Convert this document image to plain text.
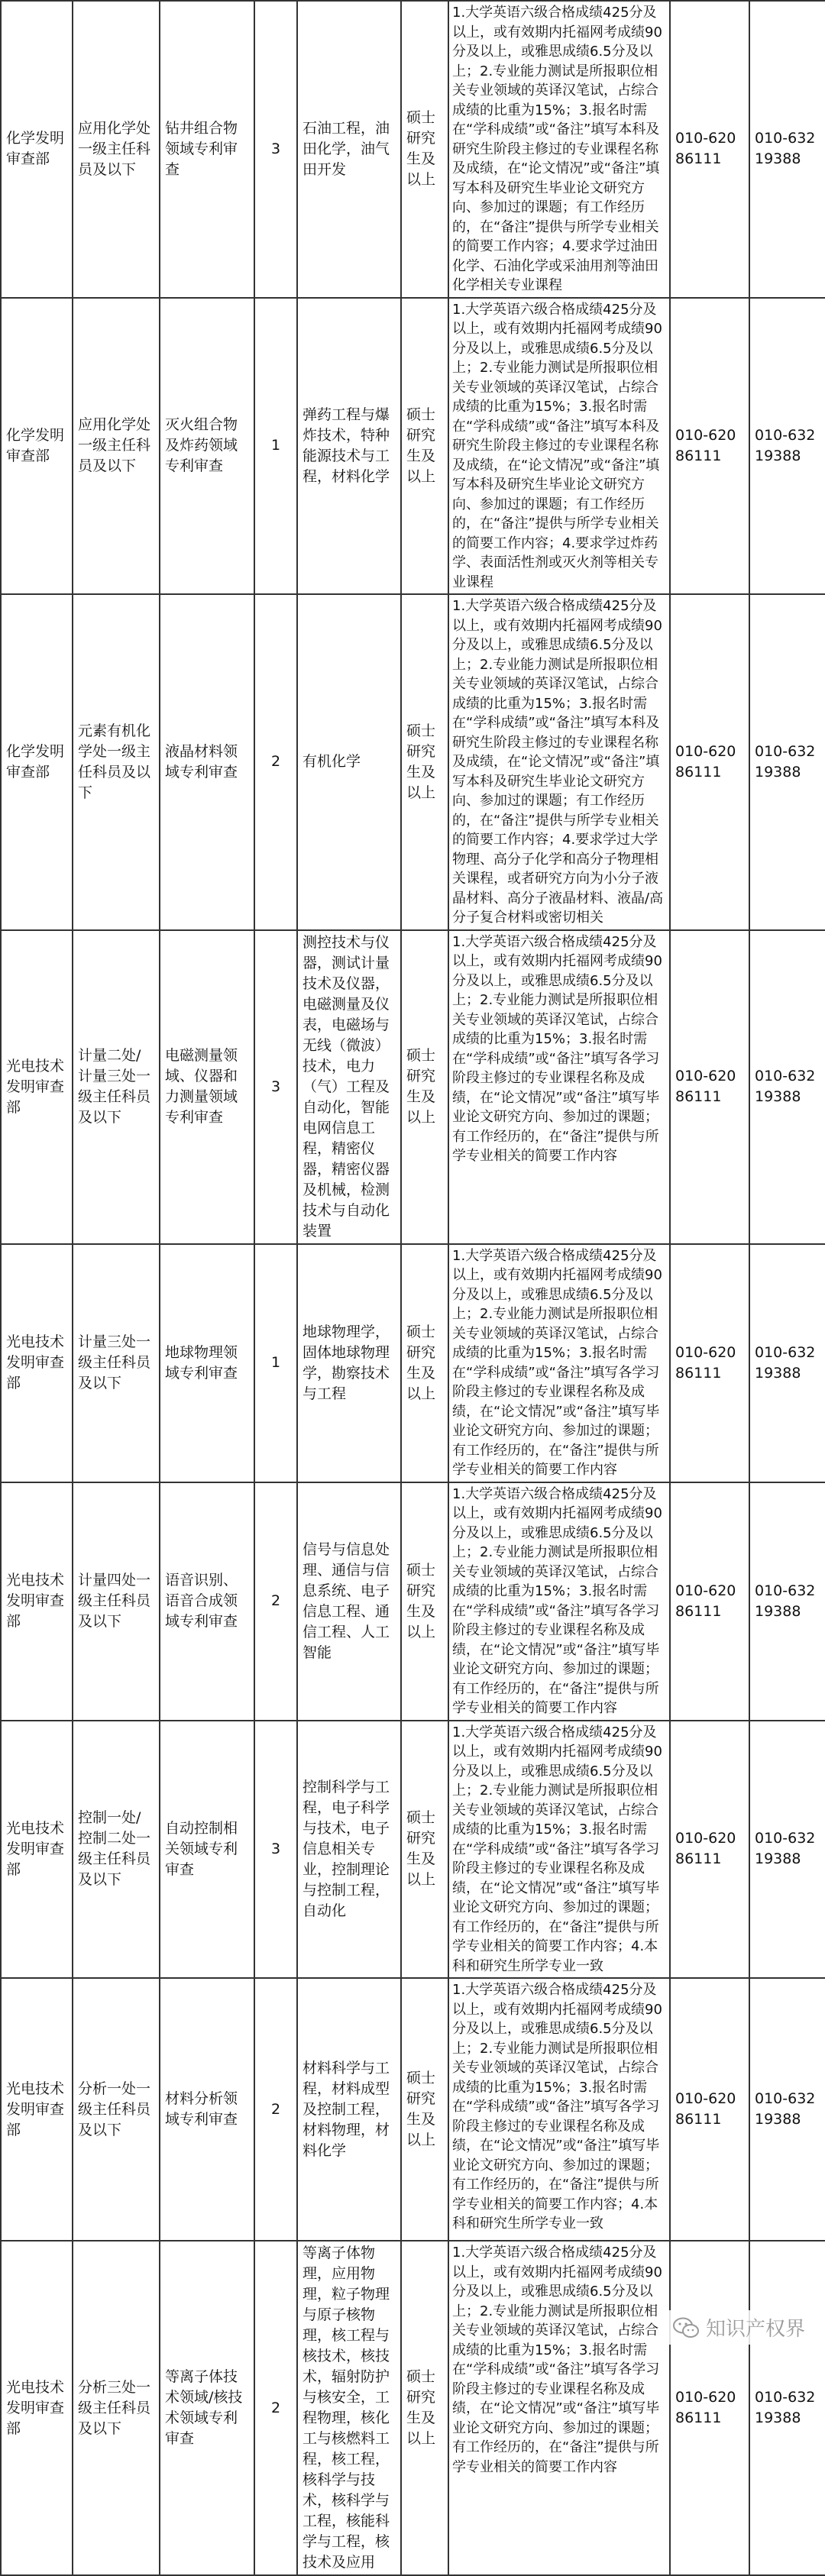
化学发明审查部	应用化学处一级主任科员及以下	钻井组合物领域专利审查	3	石油工程，油田化学，油气田开发	硕士研究生及以上	1.大学英语六级合格成绩425分及以上，或有效期内托福网考成绩90分及以上，或雅思成绩6.5分及以上；2.专业能力测试是所报职位相关专业领域的英译汉笔试，占综合成绩的比重为15%；3.报名时需在“学科成绩”或“备注”填写本科及研究生阶段主修过的专业课程名称及成绩，在“论文情况”或“备注”填写本科及研究生毕业论文研究方向、参加过的课题；有工作经历的，在“备注”提供与所学专业相关的简要工作内容；4.要求学过油田化学、石油化学或采油用剂等油田化学相关专业课程	010-62086111	010-63219388
化学发明审查部	应用化学处一级主任科员及以下	灭火组合物及炸药领域专利审查	1	弹药工程与爆炸技术，特种能源技术与工程，材料化学	硕士研究生及以上	1.大学英语六级合格成绩425分及以上，或有效期内托福网考成绩90分及以上，或雅思成绩6.5分及以上；2.专业能力测试是所报职位相关专业领域的英译汉笔试，占综合成绩的比重为15%；3.报名时需在“学科成绩”或“备注”填写本科及研究生阶段主修过的专业课程名称及成绩，在“论文情况”或“备注”填写本科及研究生毕业论文研究方向、参加过的课题；有工作经历的，在“备注”提供与所学专业相关的简要工作内容；4.要求学过炸药学、表面活性剂或灭火剂等相关专业课程	010-62086111	010-63219388
化学发明审查部	元素有机化学处一级主任科员及以下	液晶材料领域专利审查	2	有机化学	硕士研究生及以上	1.大学英语六级合格成绩425分及以上，或有效期内托福网考成绩90分及以上，或雅思成绩6.5分及以上；2.专业能力测试是所报职位相关专业领域的英译汉笔试，占综合成绩的比重为15%；3.报名时需在“学科成绩”或“备注”填写本科及研究生阶段主修过的专业课程名称及成绩，在“论文情况”或“备注”填写本科及研究生毕业论文研究方向、参加过的课题；有工作经历的，在“备注”提供与所学专业相关的简要工作内容；4.要求学过大学物理、高分子化学和高分子物理相关课程，或者研究方向为小分子液晶材料、高分子液晶材料、液晶/高分子复合材料或密切相关	010-62086111	010-63219388
光电技术发明审查部	计量二处/计量三处一级主任科员及以下	电磁测量领域、仪器和力测量领域专利审查	3	测控技术与仪器，测试计量技术及仪器，电磁测量及仪表，电磁场与无线（微波）技术，电力（气）工程及自动化，智能电网信息工程，精密仪器，精密仪器及机械，检测技术与自动化装置	硕士研究生及以上	1.大学英语六级合格成绩425分及以上，或有效期内托福网考成绩90分及以上，或雅思成绩6.5分及以上；2.专业能力测试是所报职位相关专业领域的英译汉笔试，占综合成绩的比重为15%；3.报名时需在“学科成绩”或“备注”填写各学习阶段主修过的专业课程名称及成绩，在“论文情况”或“备注”填写毕业论文研究方向、参加过的课题；有工作经历的，在“备注”提供与所学专业相关的简要工作内容	010-62086111	010-63219388
光电技术发明审查部	计量三处一级主任科员及以下	地球物理领域专利审查	1	地球物理学，固体地球物理学，勘察技术与工程	硕士研究生及以上	1.大学英语六级合格成绩425分及以上，或有效期内托福网考成绩90分及以上，或雅思成绩6.5分及以上；2.专业能力测试是所报职位相关专业领域的英译汉笔试，占综合成绩的比重为15%；3.报名时需在“学科成绩”或“备注”填写各学习阶段主修过的专业课程名称及成绩，在“论文情况”或“备注”填写毕业论文研究方向、参加过的课题；有工作经历的，在“备注”提供与所学专业相关的简要工作内容	010-62086111	010-63219388
光电技术发明审查部	计量四处一级主任科员及以下	语音识别、语音合成领域专利审查	2	信号与信息处理、通信与信息系统、电子信息工程、通信工程、人工智能	硕士研究生及以上	1.大学英语六级合格成绩425分及以上，或有效期内托福网考成绩90分及以上，或雅思成绩6.5分及以上；2.专业能力测试是所报职位相关专业领域的英译汉笔试，占综合成绩的比重为15%；3.报名时需在“学科成绩”或“备注”填写各学习阶段主修过的专业课程名称及成绩，在“论文情况”或“备注”填写毕业论文研究方向、参加过的课题；有工作经历的，在“备注”提供与所学专业相关的简要工作内容	010-62086111	010-63219388
光电技术发明审查部	控制一处/控制二处一级主任科员及以下	自动控制相关领域专利审查	3	控制科学与工程，电子科学与技术，电子信息相关专业，控制理论与控制工程，自动化	硕士研究生及以上	1.大学英语六级合格成绩425分及以上，或有效期内托福网考成绩90分及以上，或雅思成绩6.5分及以上；2.专业能力测试是所报职位相关专业领域的英译汉笔试，占综合成绩的比重为15%；3.报名时需在“学科成绩”或“备注”填写各学习阶段主修过的专业课程名称及成绩，在“论文情况”或“备注”填写毕业论文研究方向、参加过的课题；有工作经历的，在“备注”提供与所学专业相关的简要工作内容；4.本科和研究生所学专业一致	010-62086111	010-63219388
光电技术发明审查部	分析一处一级主任科员及以下	材料分析领域专利审查	2	材料科学与工程，材料成型及控制工程，材料物理，材料化学	硕士研究生及以上	1.大学英语六级合格成绩425分及以上，或有效期内托福网考成绩90分及以上，或雅思成绩6.5分及以上；2.专业能力测试是所报职位相关专业领域的英译汉笔试，占综合成绩的比重为15%；3.报名时需在“学科成绩”或“备注”填写各学习阶段主修过的专业课程名称及成绩，在“论文情况”或“备注”填写毕业论文研究方向、参加过的课题；有工作经历的，在“备注”提供与所学专业相关的简要工作内容；4.本科和研究生所学专业一致	010-62086111	010-63219388
光电技术发明审查部	分析三处一级主任科员及以下	等离子体技术领域/核技术领域专利审查	2	等离子体物理，应用物理，粒子物理与原子核物理，核工程与核技术，核技术，辐射防护与核安全，工程物理，核化工与核燃料工程，核工程，核科学与技术，核科学与工程，核能科学与工程，核技术及应用	硕士研究生及以上	1.大学英语六级合格成绩425分及以上，或有效期内托福网考成绩90分及以上，或雅思成绩6.5分及以上；2.专业能力测试是所报职位相关专业领域的英译汉笔试，占综合成绩的比重为15%；3.报名时需在“学科成绩”或“备注”填写各学习阶段主修过的专业课程名称及成绩，在“论文情况”或“备注”填写毕业论文研究方向、参加过的课题；有工作经历的，在“备注”提供与所学专业相关的简要工作内容	010-62086111	010-63219388
知识产权界
